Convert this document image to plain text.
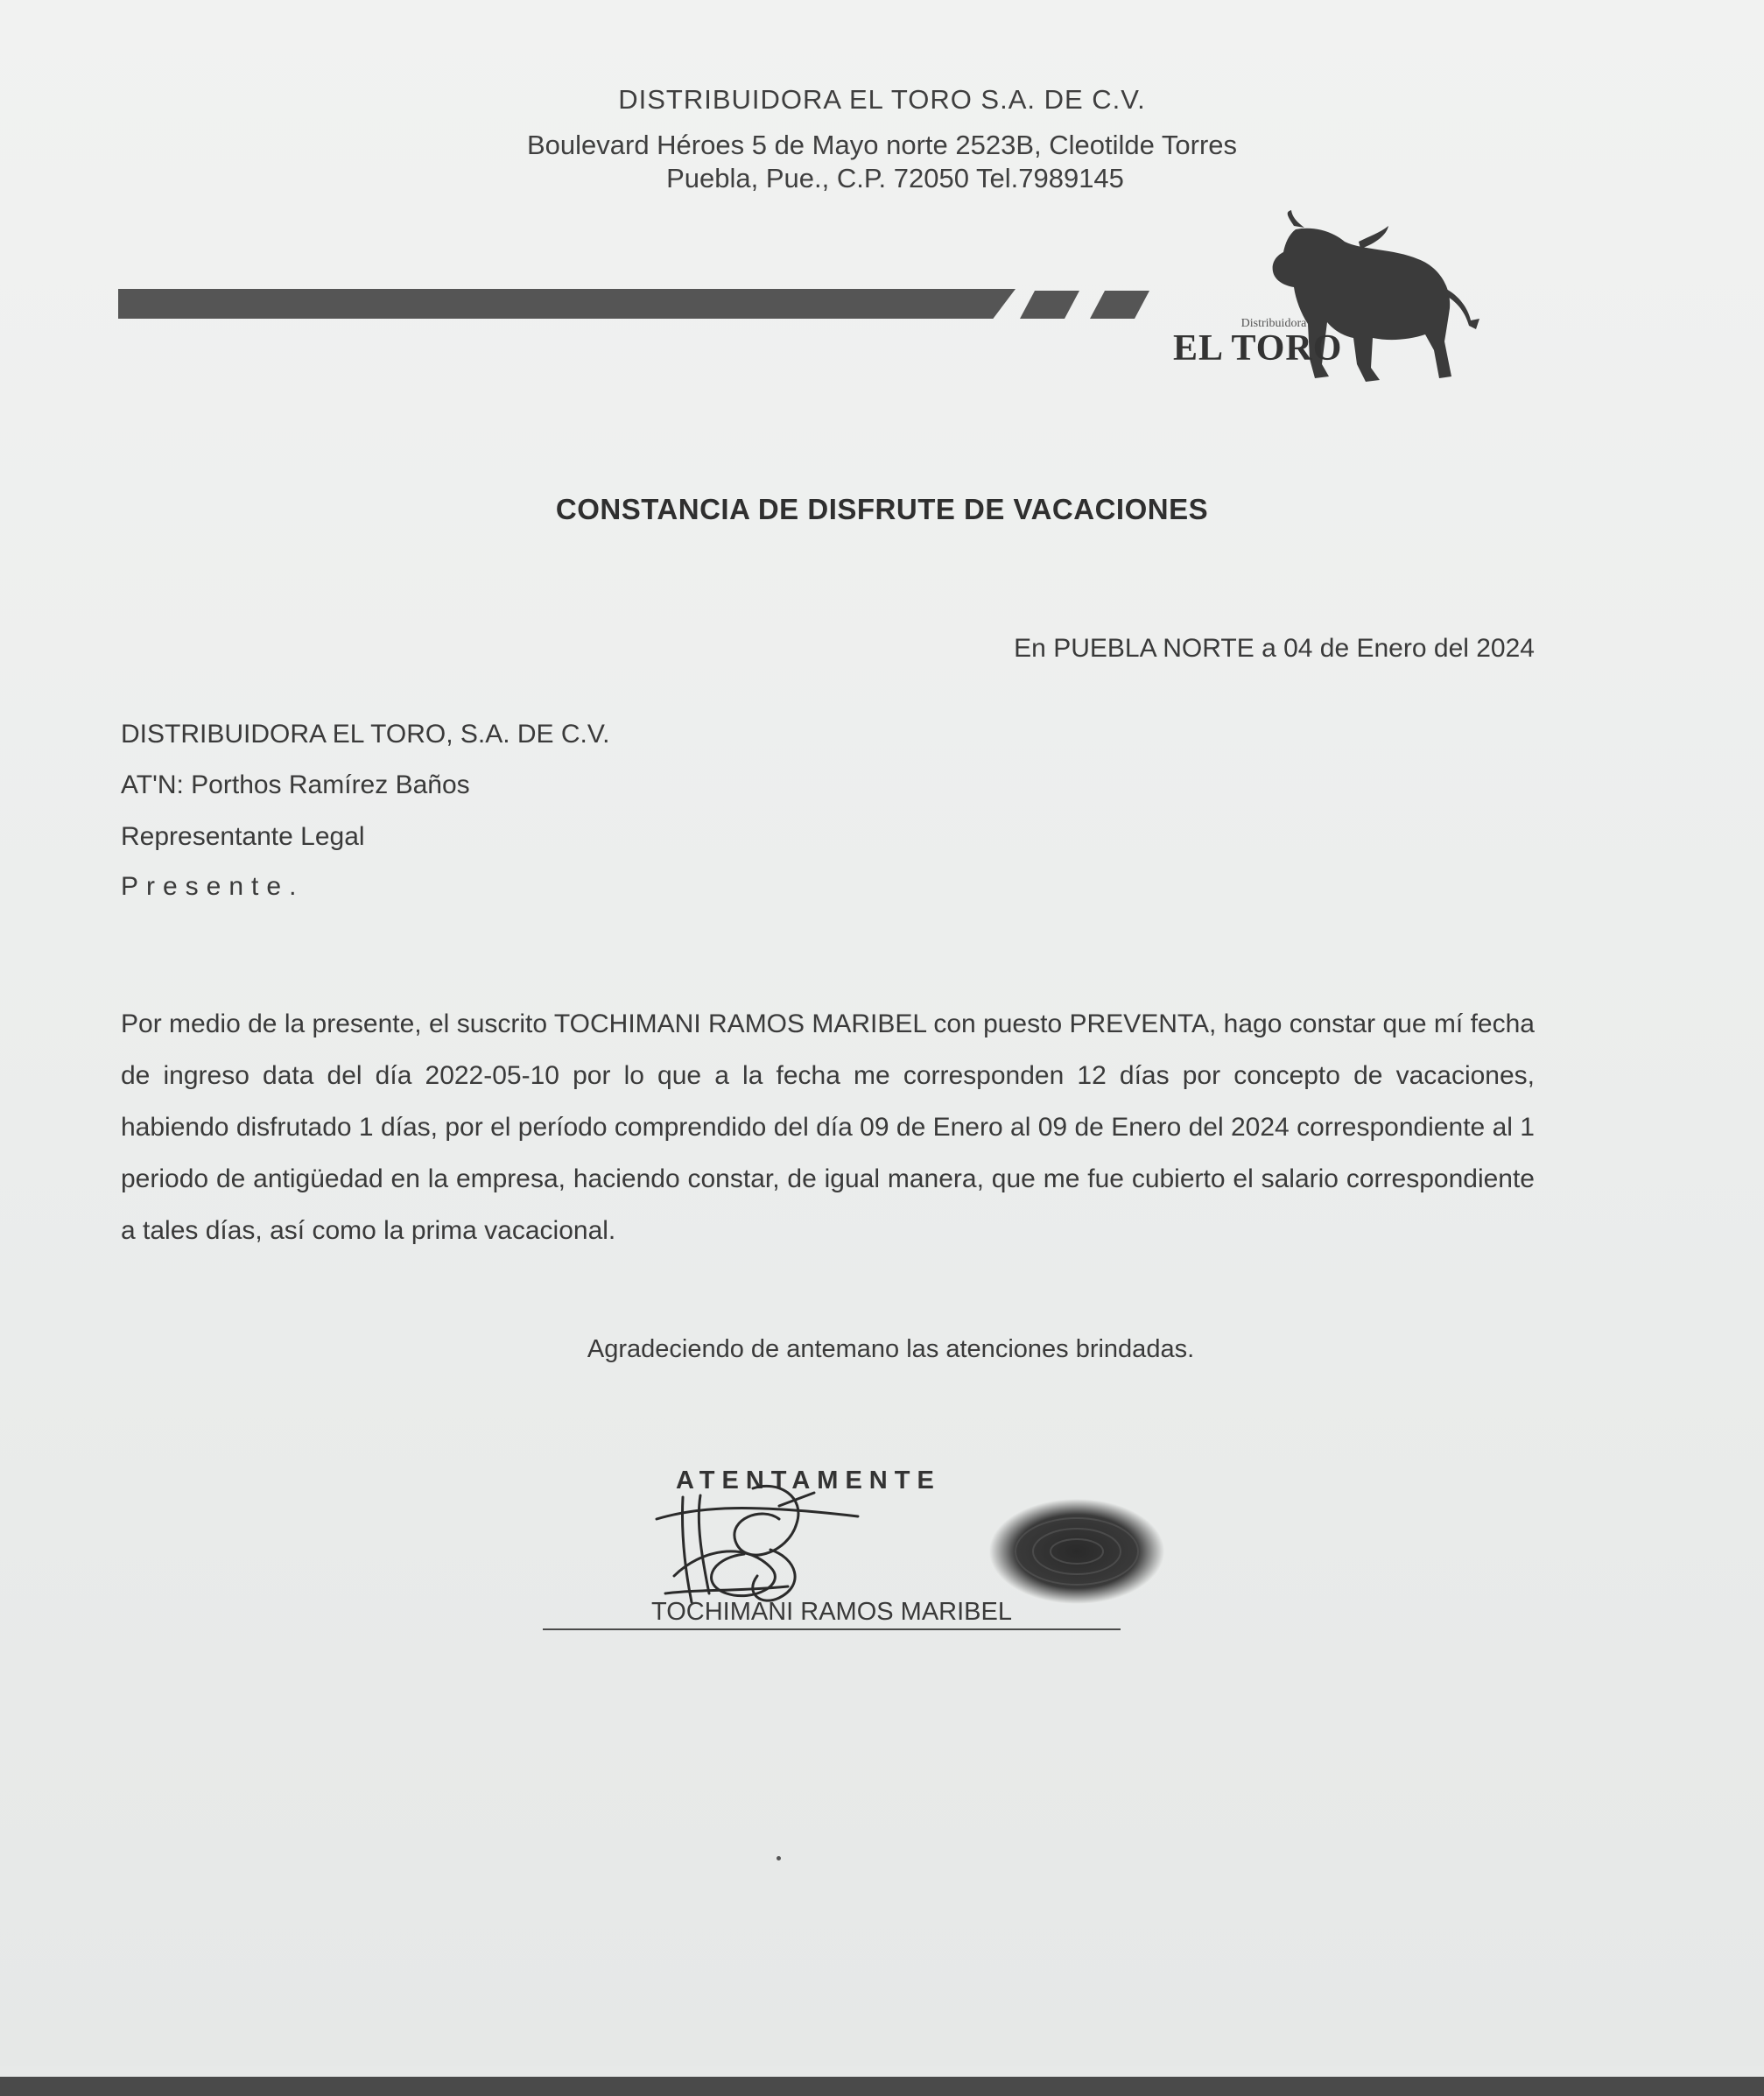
DISTRIBUIDORA EL TORO S.A. DE C.V.
Boulevard Héroes 5 de Mayo norte 2523B, Cleotilde Torres
Puebla, Pue., C.P. 72050 Tel.7989145
Distribuidora
EL TORO
CONSTANCIA DE DISFRUTE DE VACACIONES
En PUEBLA NORTE a 04 de Enero del 2024
DISTRIBUIDORA EL TORO, S.A. DE C.V.
AT'N: Porthos Ramírez Baños
Representante Legal
Presente.
Por medio de la presente, el suscrito TOCHIMANI RAMOS MARIBEL con puesto PREVENTA, hago constar que mí fecha de ingreso data del día 2022-05-10 por lo que a la fecha me corresponden 12 días por concepto de vacaciones, habiendo disfrutado 1 días, por el período comprendido del día 09 de Enero al 09 de Enero del 2024 correspondiente al 1 periodo de antigüedad en la empresa, haciendo constar, de igual manera, que me fue cubierto el salario correspondiente a tales días, así como la prima vacacional.
Agradeciendo de antemano las atenciones brindadas.
ATENTAMENTE
TOCHIMANI RAMOS MARIBEL
